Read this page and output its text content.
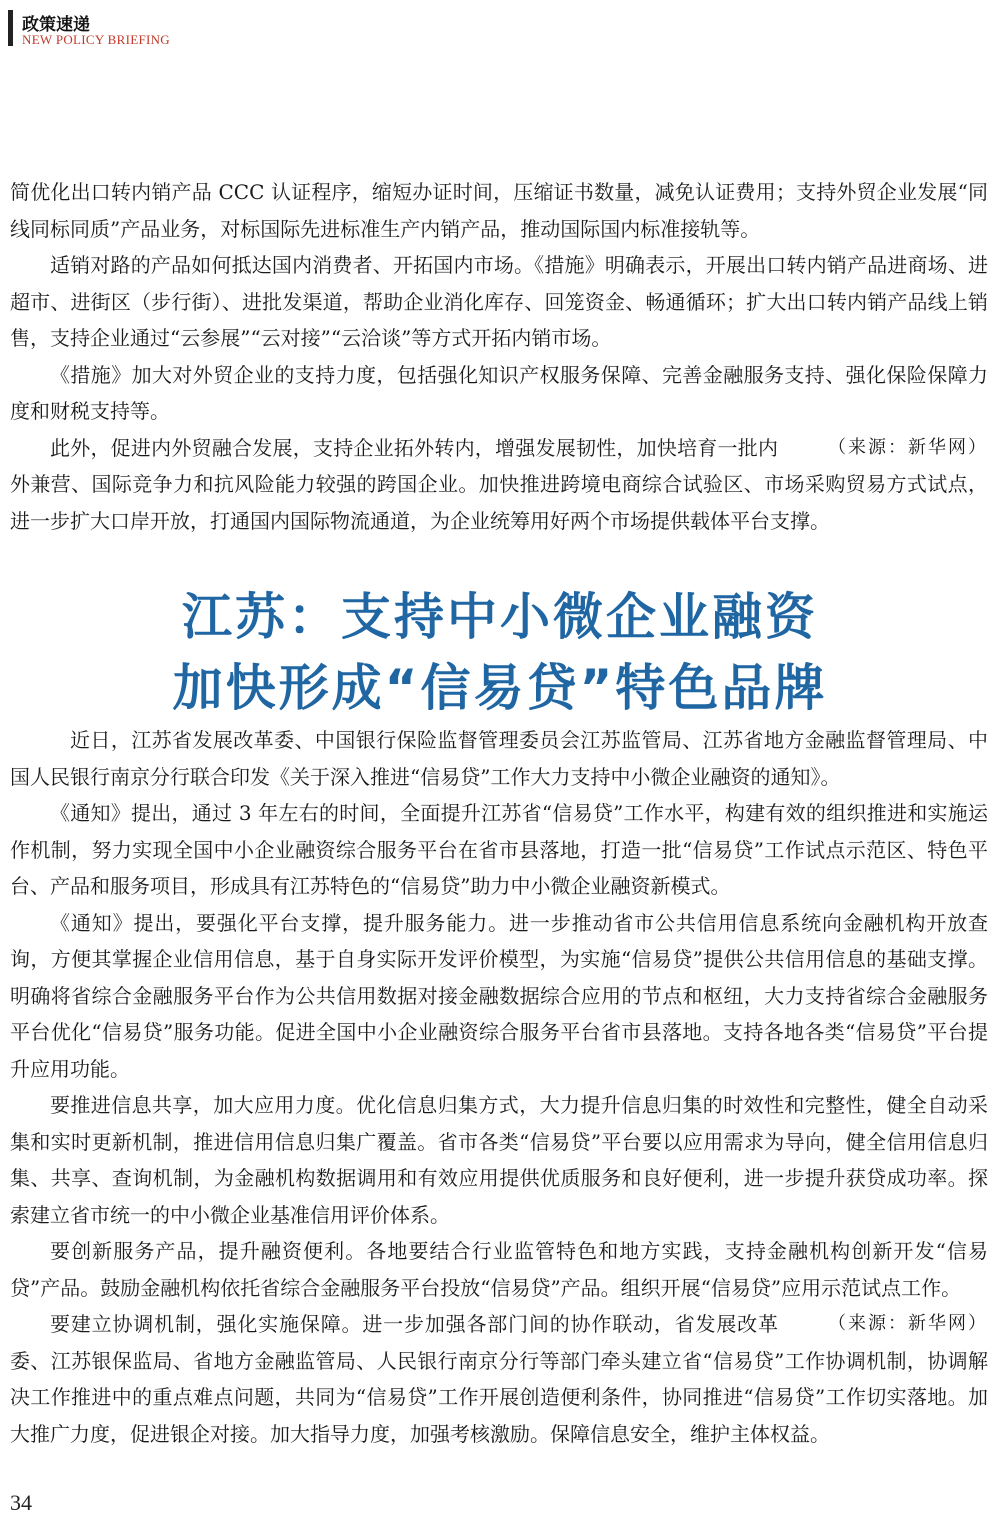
政策速递
NEW POLICY BRIEFING

简优化出口转内销产品 CCC 认证程序，缩短办证时间，压缩证书数量，减免认证费用；支持外贸企业发展“同线同标同质”产品业务，对标国际先进标准生产内销产品，推动国际国内标准接轨等。

适销对路的产品如何抵达国内消费者、开拓国内市场。《措施》明确表示，开展出口转内销产品进商场、进超市、进街区（步行街）、进批发渠道，帮助企业消化库存、回笼资金、畅通循环；扩大出口转内销产品线上销售，支持企业通过“云参展”“云对接”“云洽谈”等方式开拓内销市场。

《措施》加大对外贸企业的支持力度，包括强化知识产权服务保障、完善金融服务支持、强化保险保障力度和财税支持等。

（来源：新华网）
此外，促进内外贸融合发展，支持企业拓外转内，增强发展韧性，加快培育一批内外兼营、国际竞争力和抗风险能力较强的跨国企业。加快推进跨境电商综合试验区、市场采购贸易方式试点，进一步扩大口岸开放，打通国内国际物流通道，为企业统筹用好两个市场提供载体平台支撑。

江苏：支持中小微企业融资
加快形成“信易贷”特色品牌

近日，江苏省发展改革委、中国银行保险监督管理委员会江苏监管局、江苏省地方金融监督管理局、中国人民银行南京分行联合印发《关于深入推进“信易贷”工作大力支持中小微企业融资的通知》。

《通知》提出，通过 3 年左右的时间，全面提升江苏省“信易贷”工作水平，构建有效的组织推进和实施运作机制，努力实现全国中小企业融资综合服务平台在省市县落地，打造一批“信易贷”工作试点示范区、特色平台、产品和服务项目，形成具有江苏特色的“信易贷”助力中小微企业融资新模式。

《通知》提出，要强化平台支撑，提升服务能力。进一步推动省市公共信用信息系统向金融机构开放查询，方便其掌握企业信用信息，基于自身实际开发评价模型，为实施“信易贷”提供公共信用信息的基础支撑。明确将省综合金融服务平台作为公共信用数据对接金融数据综合应用的节点和枢纽，大力支持省综合金融服务平台优化“信易贷”服务功能。促进全国中小企业融资综合服务平台省市县落地。支持各地各类“信易贷”平台提升应用功能。

要推进信息共享，加大应用力度。优化信息归集方式，大力提升信息归集的时效性和完整性，健全自动采集和实时更新机制，推进信用信息归集广覆盖。省市各类“信易贷”平台要以应用需求为导向，健全信用信息归集、共享、查询机制，为金融机构数据调用和有效应用提供优质服务和良好便利，进一步提升获贷成功率。探索建立省市统一的中小微企业基准信用评价体系。

要创新服务产品，提升融资便利。各地要结合行业监管特色和地方实践，支持金融机构创新开发“信易贷”产品。鼓励金融机构依托省综合金融服务平台投放“信易贷”产品。组织开展“信易贷”应用示范试点工作。

（来源：新华网）
要建立协调机制，强化实施保障。进一步加强各部门间的协作联动，省发展改革委、江苏银保监局、省地方金融监管局、人民银行南京分行等部门牵头建立省“信易贷”工作协调机制，协调解决工作推进中的重点难点问题，共同为“信易贷”工作开展创造便利条件，协同推进“信易贷”工作切实落地。加大推广力度，促进银企对接。加大指导力度，加强考核激励。保障信息安全，维护主体权益。

34
